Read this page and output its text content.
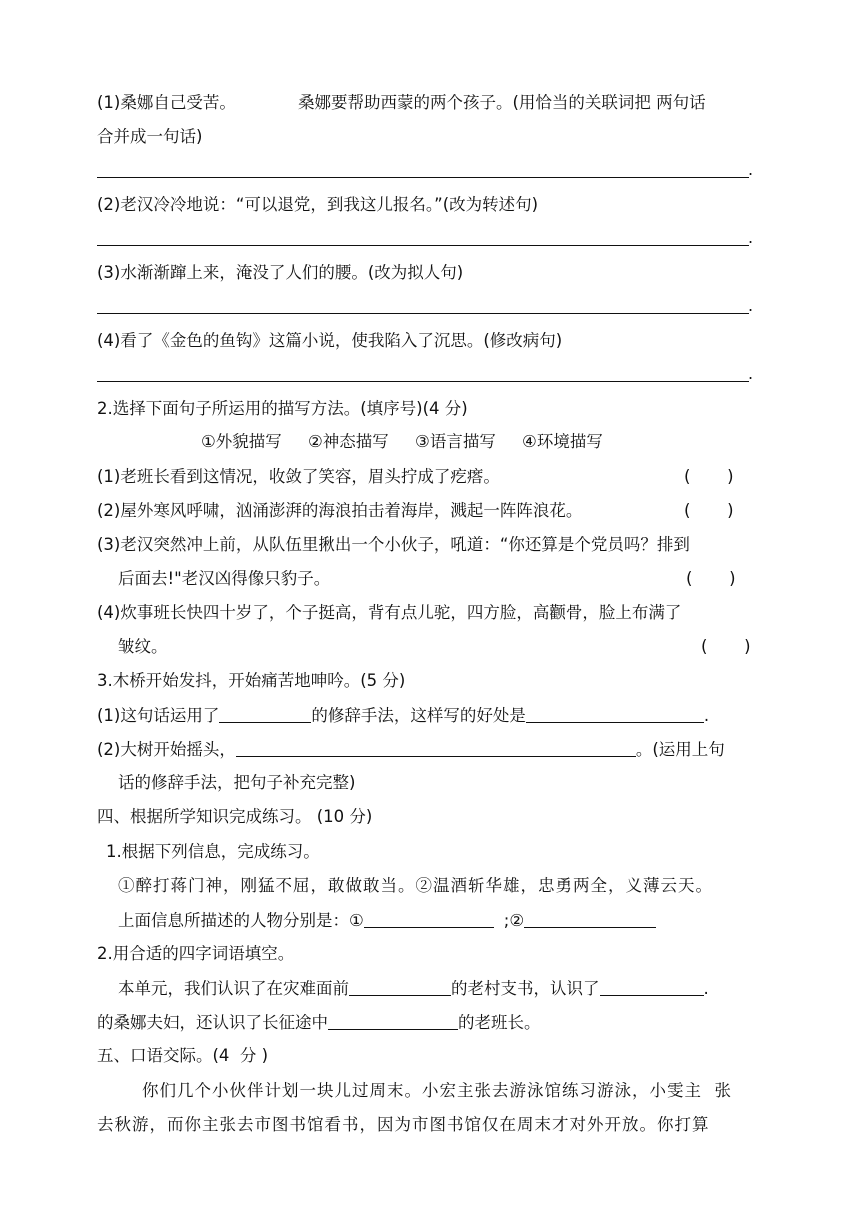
(1)桑娜自己受苦。	桑娜要帮助西蒙的两个孩子。(用恰当的关联词把 两句话
合并成一句话)
.
(2)老汉冷冷地说：“可以退党，到我这儿报名。”(改为转述句)
.
(3)水渐渐蹿上来，淹没了人们的腰。(改为拟人句)
.
(4)看了《金色的鱼钩》这篇小说，使我陷入了沉思。(修改病句)
.
2.选择下面句子所运用的描写方法。(填序号)(4 分)
①外貌描写     ②神态描写     ③语言描写     ④环境描写
(1)老班长看到这情况，收敛了笑容，眉头拧成了疙瘩。	(       )
(2)屋外寒风呼啸，汹涌澎湃的海浪拍击着海岸，溅起一阵阵浪花。	(       )
(3)老汉突然冲上前，从队伍里揪出一个小伙子，吼道：“你还算是个党员吗？排到
后面去!"老汉凶得像只豹子。	(       )
(4)炊事班长快四十岁了，个子挺高，背有点儿驼，四方脸，高颧骨，脸上布满了
皱纹。	(       )
3.木桥开始发抖，开始痛苦地呻吟。(5 分)
(1)这句话运用了	的修辞手法，这样写的好处是	.
(2)大树开始摇头，	。(运用上句
话的修辞手法，把句子补充完整)
四、根据所学知识完成练习。 (10 分)
1.根据下列信息，完成练习。
①醉打蒋门神，刚猛不屈，敢做敢当。②温酒斩华雄，忠勇两全，义薄云天。
上面信息所描述的人物分别是：①	;②
2.用合适的四字词语填空。
本单元，我们认识了在灾难面前	的老村支书，认识了	.
的桑娜夫妇，还认识了长征途中	的老班长。
五、口语交际。(4  分 )
你们几个小伙伴计划一块儿过周末。小宏主张去游泳馆练习游泳，小雯主  张
去秋游，而你主张去市图书馆看书，因为市图书馆仅在周末才对外开放。你打算
